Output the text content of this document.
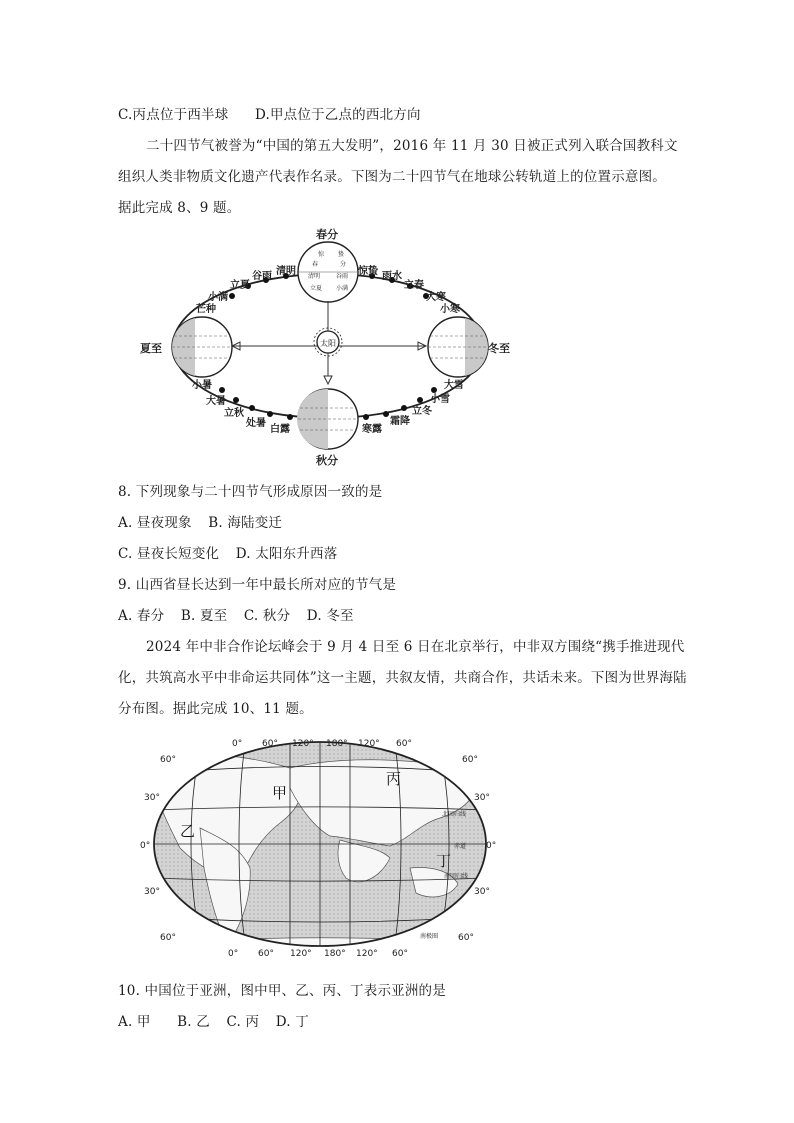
C.丙点位于西半球 D.甲点位于乙点的西北方向
二十四节气被誉为“中国的第五大发明”，2016 年 11 月 30 日被正式列入联合国教科文
组织人类非物质文化遗产代表作名录。下图为二十四节气在地球公转轨道上的位置示意图。
据此完成 8、9 题。
太阳
惊 蛰
春	分
清明	谷雨
立夏 小满
春分
夏至
秋分
冬至
立夏
谷雨 清明	惊蛰 雨水
立春
小满
芒种
大寒
小寒
小暑
大暑
立秋
处暑
白露	寒露
霜降
立冬
小雪
大雪
8. 下列现象与二十四节气形成原因一致的是
A. 昼夜现象 B. 海陆变迁
C. 昼夜长短变化 D. 太阳东升西落
9. 山西省昼长达到一年中最长所对应的节气是
A. 春分 B. 夏至 C. 秋分 D. 冬至
2024 年中非合作论坛峰会于 9 月 4 日至 6 日在北京举行，中非双方围绕“携手推进现代
化，共筑高水平中非命运共同体”这一主题，共叙友情，共商合作，共话未来。下图为世界海陆
分布图。据此完成 10、11 题。
0° 60° 120° 180° 120° 60°
0° 60° 120° 180° 120° 60°
60°
30°
0°
30°
60°
60°
30°
0°
30°
60°
甲
乙
丙
丁
北回归线
赤道
南回归线
南极圈
10. 中国位于亚洲，图中甲、乙、丙、丁表示亚洲的是
A. 甲 B. 乙 C. 丙 D. 丁
